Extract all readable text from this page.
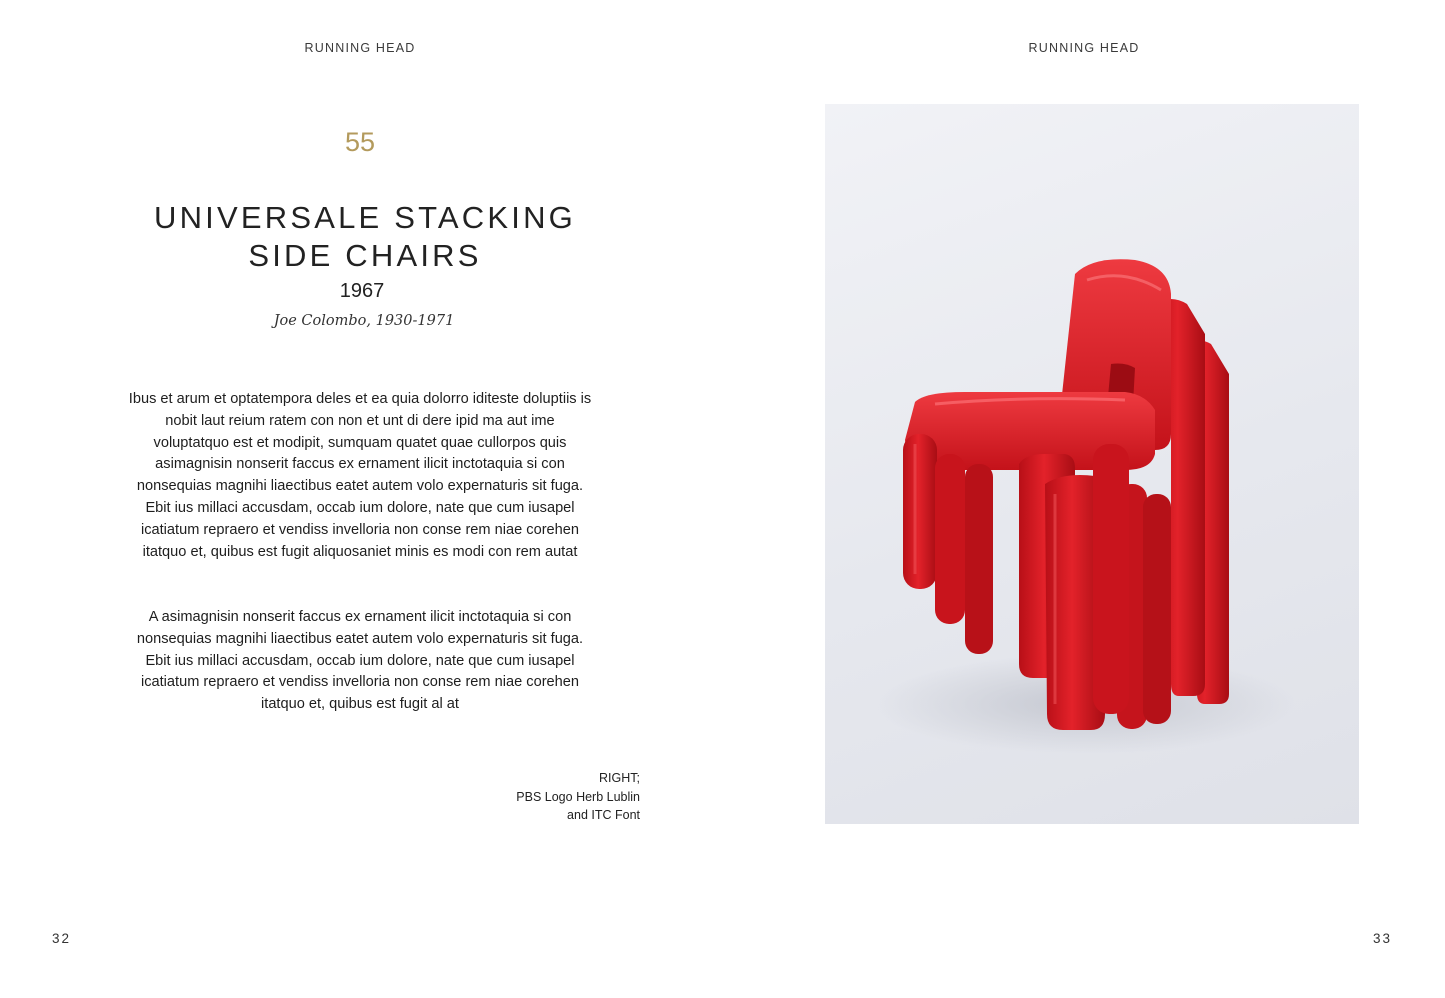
RUNNING HEAD	RUNNING HEAD
55
UNIVERSALE STACKING
SIDE CHAIRS
1967
Joe Colombo, 1930-1971

Ibus et arum et optatempora deles et ea quia dolorro iditeste doluptiis is nobit laut reium ratem con non et unt di dere ipid ma aut ime voluptatquo est et modipit, sumquam quatet quae cullorpos quis asimagnisin nonserit faccus ex ernament ilicit inctotaquia si con nonsequias magnihi liaectibus eatet autem volo expernaturis sit fuga. Ebit ius millaci accusdam, occab ium dolore, nate que cum iusapel icatiatum repraero et vendiss invelloria non conse rem niae corehen itatquo et, quibus est fugit aliquosaniet minis es modi con rem autat

A asimagnisin nonserit faccus ex ernament ilicit inctotaquia si con nonsequias magnihi liaectibus eatet autem volo expernaturis sit fuga. Ebit ius millaci accusdam, occab ium dolore, nate que cum iusapel icatiatum repraero et vendiss invelloria non conse rem niae corehen itatquo et, quibus est fugit al at

RIGHT;
PBS Logo Herb Lublin
and ITC Font
32	33
